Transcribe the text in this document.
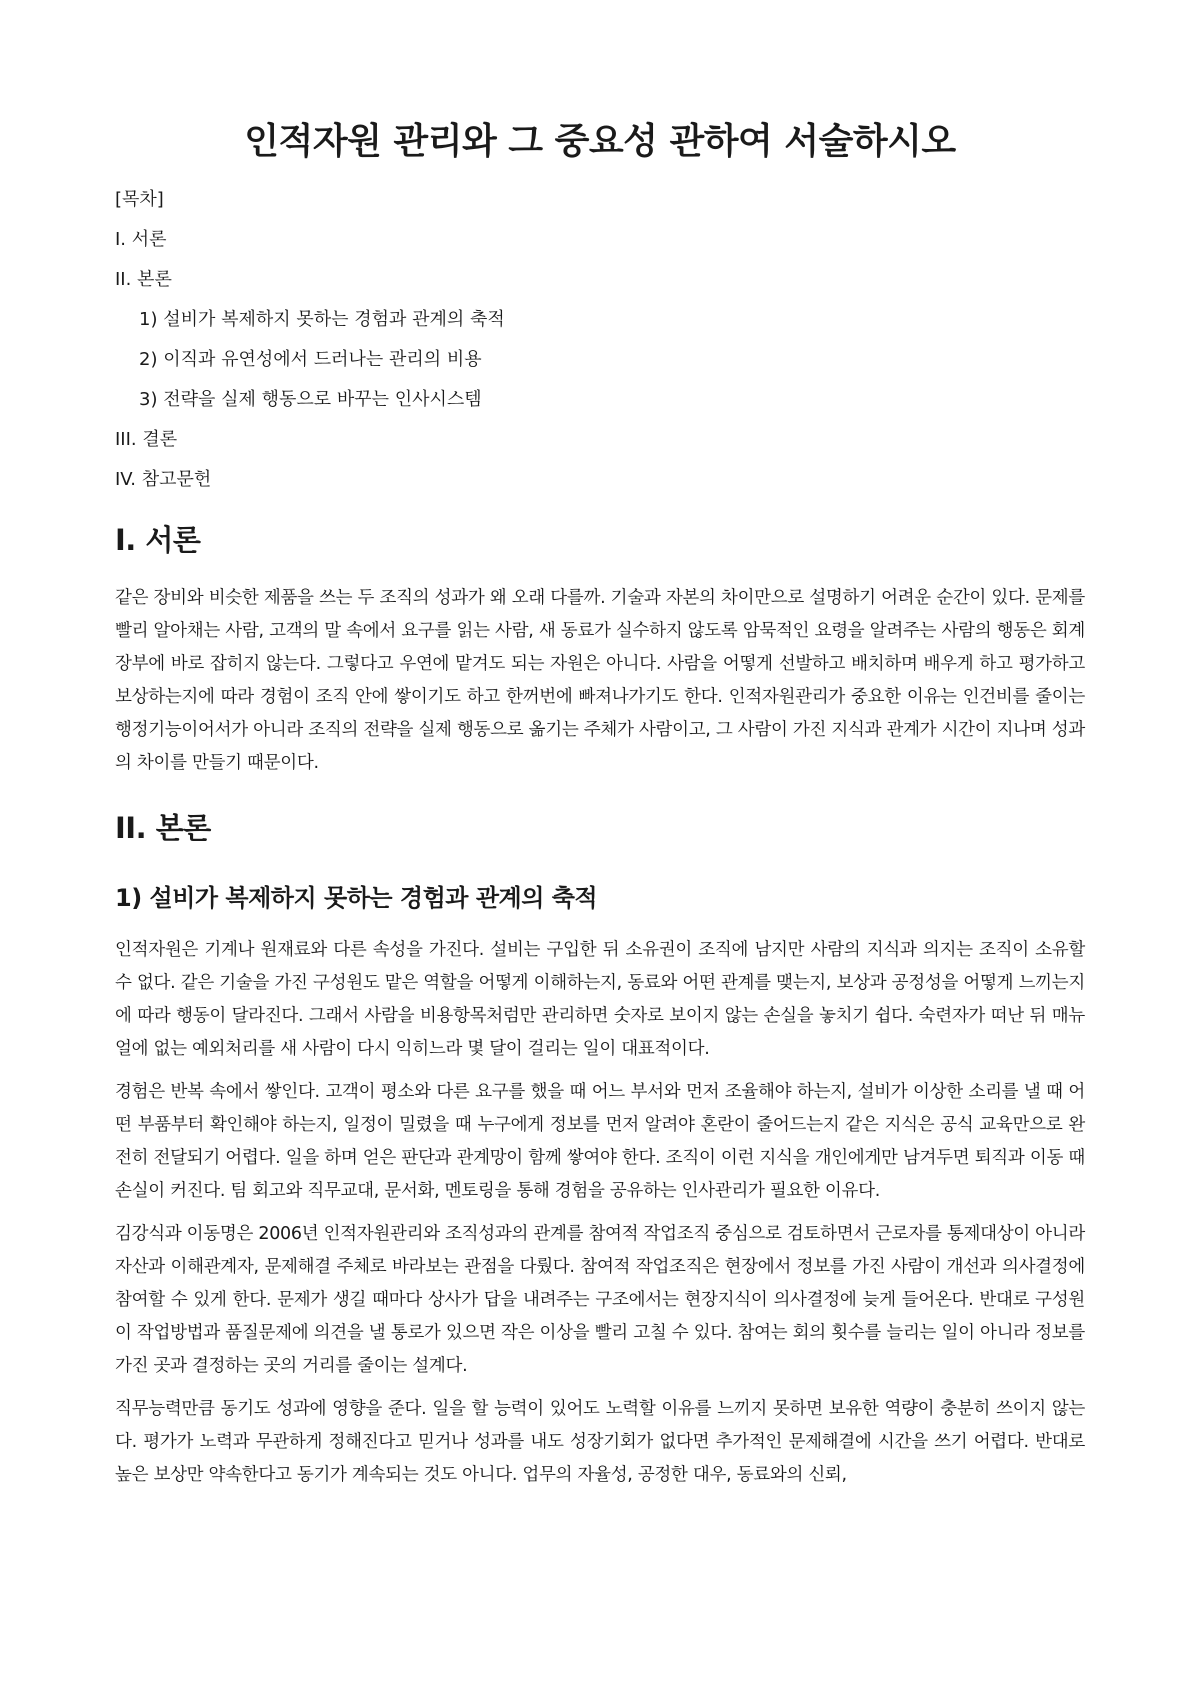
인적자원 관리와 그 중요성 관하여 서술하시오
[목차]
I. 서론
II. 본론
1) 설비가 복제하지 못하는 경험과 관계의 축적
2) 이직과 유연성에서 드러나는 관리의 비용
3) 전략을 실제 행동으로 바꾸는 인사시스템
III. 결론
IV. 참고문헌
I. 서론

같은 장비와 비슷한 제품을 쓰는 두 조직의 성과가 왜 오래 다를까. 기술과 자본의 차이만으로 설명하기 어려운 순간이 있다. 문제를 빨리 알아채는 사람, 고객의 말 속에서 요구를 읽는 사람, 새 동료가 실수하지 않도록 암묵적인 요령을 알려주는 사람의 행동은 회계장부에 바로 잡히지 않는다. 그렇다고 우연에 맡겨도 되는 자원은 아니다. 사람을 어떻게 선발하고 배치하며 배우게 하고 평가하고 보상하는지에 따라 경험이 조직 안에 쌓이기도 하고 한꺼번에 빠져나가기도 한다. 인적자원관리가 중요한 이유는 인건비를 줄이는 행정기능이어서가 아니라 조직의 전략을 실제 행동으로 옮기는 주체가 사람이고, 그 사람이 가진 지식과 관계가 시간이 지나며 성과의 차이를 만들기 때문이다.

II. 본론
1) 설비가 복제하지 못하는 경험과 관계의 축적

인적자원은 기계나 원재료와 다른 속성을 가진다. 설비는 구입한 뒤 소유권이 조직에 남지만 사람의 지식과 의지는 조직이 소유할 수 없다. 같은 기술을 가진 구성원도 맡은 역할을 어떻게 이해하는지, 동료와 어떤 관계를 맺는지, 보상과 공정성을 어떻게 느끼는지에 따라 행동이 달라진다. 그래서 사람을 비용항목처럼만 관리하면 숫자로 보이지 않는 손실을 놓치기 쉽다. 숙련자가 떠난 뒤 매뉴얼에 없는 예외처리를 새 사람이 다시 익히느라 몇 달이 걸리는 일이 대표적이다.

경험은 반복 속에서 쌓인다. 고객이 평소와 다른 요구를 했을 때 어느 부서와 먼저 조율해야 하는지, 설비가 이상한 소리를 낼 때 어떤 부품부터 확인해야 하는지, 일정이 밀렸을 때 누구에게 정보를 먼저 알려야 혼란이 줄어드는지 같은 지식은 공식 교육만으로 완전히 전달되기 어렵다. 일을 하며 얻은 판단과 관계망이 함께 쌓여야 한다. 조직이 이런 지식을 개인에게만 남겨두면 퇴직과 이동 때 손실이 커진다. 팀 회고와 직무교대, 문서화, 멘토링을 통해 경험을 공유하는 인사관리가 필요한 이유다.

김강식과 이동명은 2006년 인적자원관리와 조직성과의 관계를 참여적 작업조직 중심으로 검토하면서 근로자를 통제대상이 아니라 자산과 이해관계자, 문제해결 주체로 바라보는 관점을 다뤘다. 참여적 작업조직은 현장에서 정보를 가진 사람이 개선과 의사결정에 참여할 수 있게 한다. 문제가 생길 때마다 상사가 답을 내려주는 구조에서는 현장지식이 의사결정에 늦게 들어온다. 반대로 구성원이 작업방법과 품질문제에 의견을 낼 통로가 있으면 작은 이상을 빨리 고칠 수 있다. 참여는 회의 횟수를 늘리는 일이 아니라 정보를 가진 곳과 결정하는 곳의 거리를 줄이는 설계다.

직무능력만큼 동기도 성과에 영향을 준다. 일을 할 능력이 있어도 노력할 이유를 느끼지 못하면 보유한 역량이 충분히 쓰이지 않는다. 평가가 노력과 무관하게 정해진다고 믿거나 성과를 내도 성장기회가 없다면 추가적인 문제해결에 시간을 쓰기 어렵다. 반대로 높은 보상만 약속한다고 동기가 계속되는 것도 아니다. 업무의 자율성, 공정한 대우, 동료와의 신뢰,
